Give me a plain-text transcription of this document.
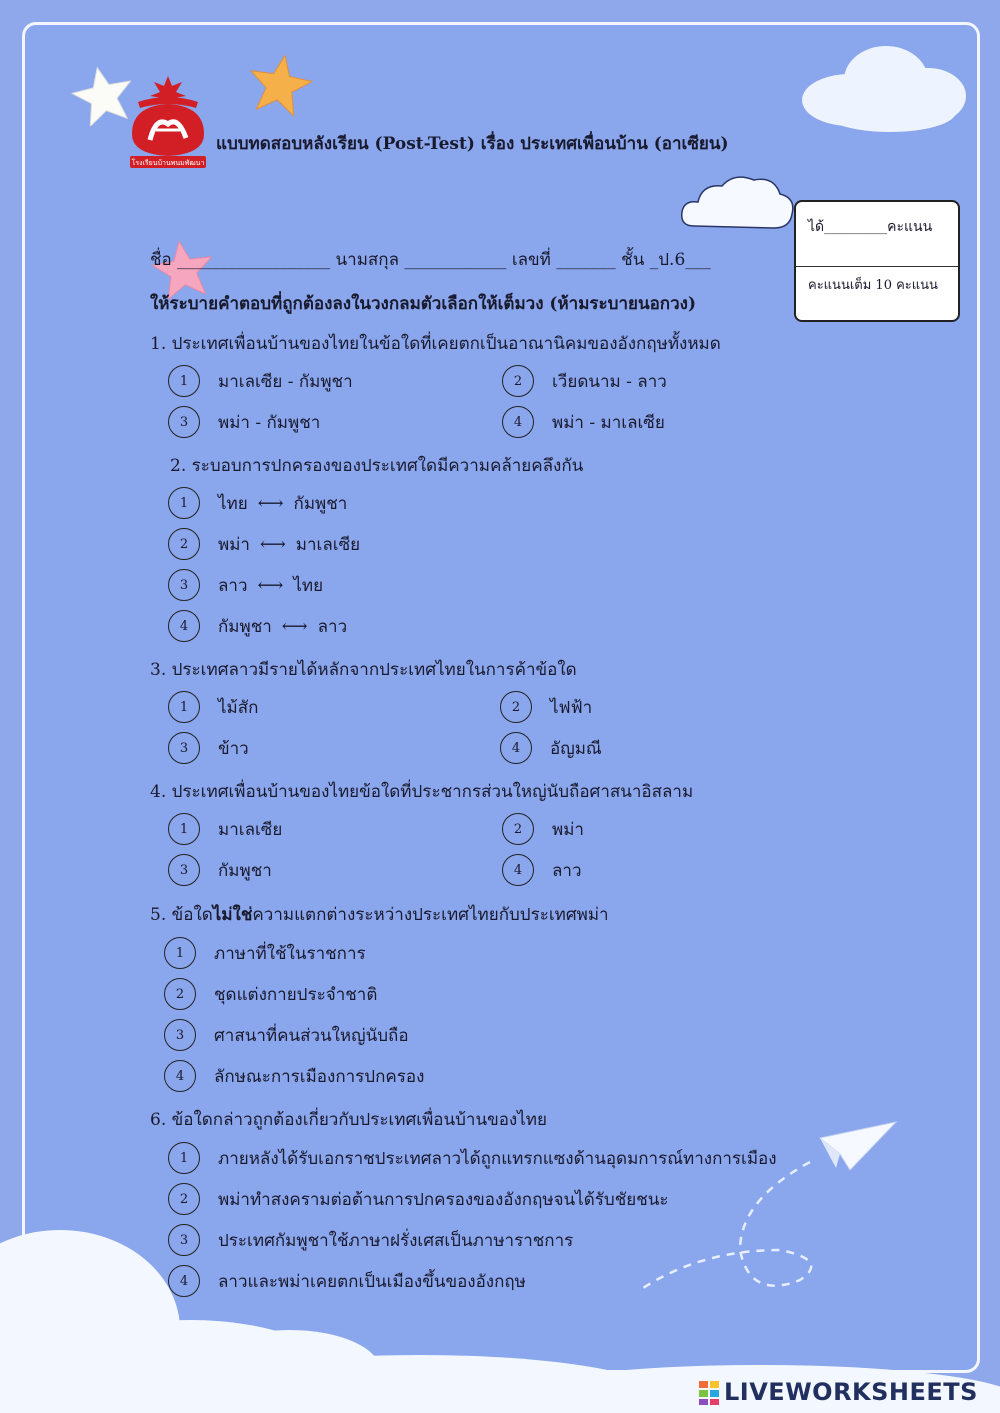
โรงเรียนบ้านพนมพัฒนา
แบบทดสอบหลังเรียน (Post-Test) เรื่อง ประเทศเพื่อนบ้าน (อาเซียน)
ได้_________คะแนน
คะแนนเต็ม 10 คะแนน
ชื่อ __________________ นามสกุล ____________ เลขที่ _______ ชั้น _ป.6___
ให้ระบายคำตอบที่ถูกต้องลงในวงกลมตัวเลือกให้เต็มวง (ห้ามระบายนอกวง)
1. ประเทศเพื่อนบ้านของไทยในข้อใดที่เคยตกเป็นอาณานิคมของอังกฤษทั้งหมด
1	มาเลเซีย - กัมพูชา	2	เวียดนาม - ลาว
3	พม่า - กัมพูชา	4	พม่า - มาเลเซีย
2. ระบอบการปกครองของประเทศใดมีความคล้ายคลึงกัน
1	ไทย ⟷ กัมพูชา
2	พม่า ⟷ มาเลเซีย
3	ลาว ⟷ ไทย
4	กัมพูชา ⟷ ลาว
3. ประเทศลาวมีรายได้หลักจากประเทศไทยในการค้าข้อใด
1	ไม้สัก	2	ไฟฟ้า
3	ข้าว	4	อัญมณี
4. ประเทศเพื่อนบ้านของไทยข้อใดที่ประชากรส่วนใหญ่นับถือศาสนาอิสลาม
1	มาเลเซีย	2	พม่า
3	กัมพูชา	4	ลาว
5. ข้อใดไม่ใช่ความแตกต่างระหว่างประเทศไทยกับประเทศพม่า
1	ภาษาที่ใช้ในราชการ
2	ชุดแต่งกายประจำชาติ
3	ศาสนาที่คนส่วนใหญ่นับถือ
4	ลักษณะการเมืองการปกครอง
6. ข้อใดกล่าวถูกต้องเกี่ยวกับประเทศเพื่อนบ้านของไทย
1	ภายหลังได้รับเอกราชประเทศลาวได้ถูกแทรกแซงด้านอุดมการณ์ทางการเมือง
2	พม่าทำสงครามต่อต้านการปกครองของอังกฤษจนได้รับชัยชนะ
3	ประเทศกัมพูชาใช้ภาษาฝรั่งเศสเป็นภาษาราชการ
4	ลาวและพม่าเคยตกเป็นเมืองขึ้นของอังกฤษ
LIVEWORKSHEETS
